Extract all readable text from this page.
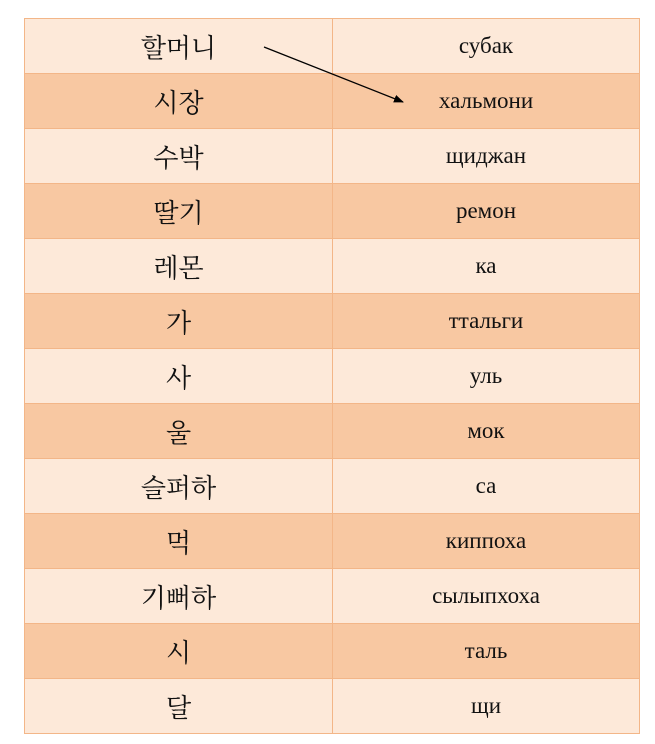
할머니	субак
시장	хальмони
수박	щиджан
딸기	ремон
레몬	ка
가	ттальги
사	уль
울	мок
슬퍼하	са
먹	киппоха
기뻐하	сылыпхоха
시	таль
달	щи
